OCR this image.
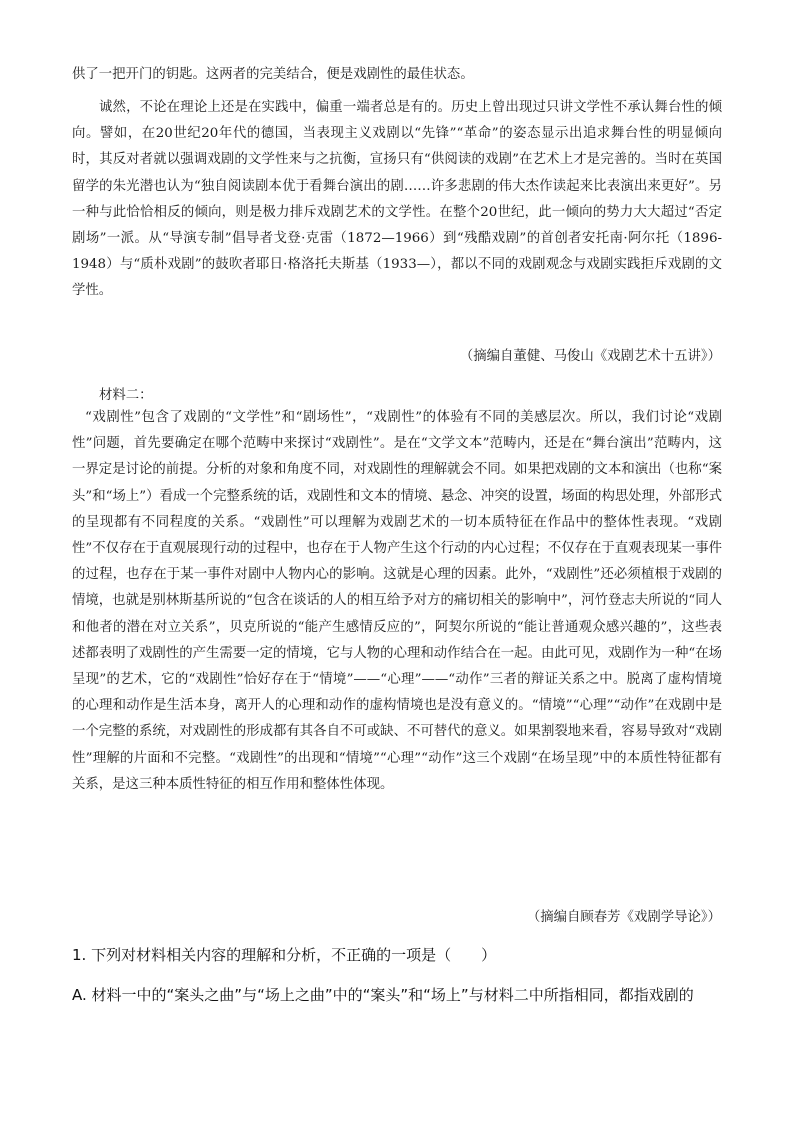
供了一把开门的钥匙。这两者的完美结合，便是戏剧性的最佳状态。

诚然，不论在理论上还是在实践中，偏重一端者总是有的。历史上曾出现过只讲文学性不承认舞台性的倾向。譬如，在20世纪20年代的德国，当表现主义戏剧以“先锋”“革命”的姿态显示出追求舞台性的明显倾向时，其反对者就以强调戏剧的文学性来与之抗衡，宣扬只有“供阅读的戏剧”在艺术上才是完善的。当时在英国留学的朱光潜也认为“独自阅读剧本优于看舞台演出的剧……许多悲剧的伟大杰作读起来比表演出来更好”。另一种与此恰恰相反的倾向，则是极力排斥戏剧艺术的文学性。在整个20世纪，此一倾向的势力大大超过“否定剧场”一派。从“导演专制”倡导者戈登·克雷（1872—1966）到“残酷戏剧”的首创者安托南·阿尔托（1896-1948）与“质朴戏剧”的鼓吹者耶日·格洛托夫斯基（1933—），都以不同的戏剧观念与戏剧实践拒斥戏剧的文学性。

（摘编自董健、马俊山《戏剧艺术十五讲》）
材料二：

“戏剧性”包含了戏剧的“文学性”和“剧场性”，“戏剧性”的体验有不同的美感层次。所以，我们讨论“戏剧性”问题，首先要确定在哪个范畴中来探讨“戏剧性”。是在“文学文本”范畴内，还是在“舞台演出”范畴内，这一界定是讨论的前提。分析的对象和角度不同，对戏剧性的理解就会不同。如果把戏剧的文本和演出（也称“案头”和“场上”）看成一个完整系统的话，戏剧性和文本的情境、悬念、冲突的设置，场面的构思处理，外部形式的呈现都有不同程度的关系。“戏剧性”可以理解为戏剧艺术的一切本质特征在作品中的整体性表现。“戏剧性”不仅存在于直观展现行动的过程中，也存在于人物产生这个行动的内心过程；不仅存在于直观表现某一事件的过程，也存在于某一事件对剧中人物内心的影响。这就是心理的因素。此外，“戏剧性”还必须植根于戏剧的情境，也就是别林斯基所说的“包含在谈话的人的相互给予对方的痛切相关的影响中”，河竹登志夫所说的“同人和他者的潜在对立关系”，贝克所说的“能产生感情反应的”，阿契尔所说的“能让普通观众感兴趣的”，这些表述都表明了戏剧性的产生需要一定的情境，它与人物的心理和动作结合在一起。由此可见，戏剧作为一种“在场呈现”的艺术，它的“戏剧性”恰好存在于“情境”——“心理”——“动作”三者的辩证关系之中。脱离了虚构情境的心理和动作是生活本身，离开人的心理和动作的虚构情境也是没有意义的。“情境”“心理”“动作”在戏剧中是一个完整的系统，对戏剧性的形成都有其各自不可或缺、不可替代的意义。如果割裂地来看，容易导致对“戏剧性”理解的片面和不完整。“戏剧性”的出现和“情境”“心理”“动作”这三个戏剧“在场呈现”中的本质性特征都有关系，是这三种本质性特征的相互作用和整体性体现。

（摘编自顾春芳《戏剧学导论》）
1. 下列对材料相关内容的理解和分析，不正确的一项是（　　）
A. 材料一中的“案头之曲”与“场上之曲”中的“案头”和“场上”与材料二中所指相同，都指戏剧的
